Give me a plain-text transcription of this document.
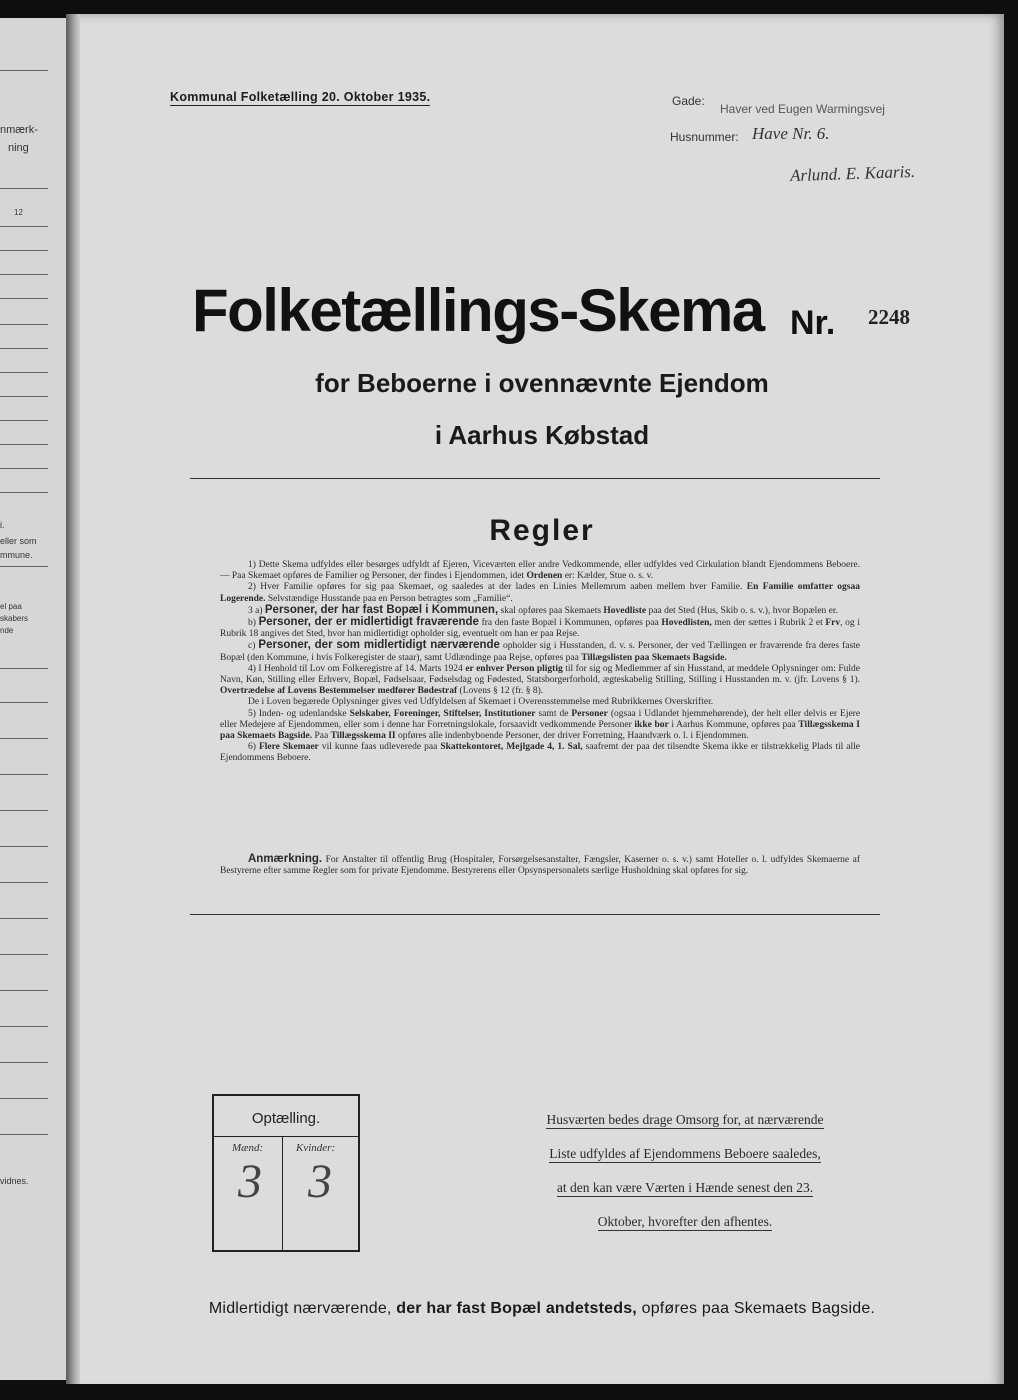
nmærk-
ning
12
i.
eller som
mmune.
el paa
skabers
nde
vidnes.
Kommunal Folketælling 20. Oktober 1935.	Gade:
Haver ved Eugen Warmingsvej
Husnummer: Have Nr. 6.
Arlund. E. Kaaris.
Folketællings-Skema Nr. 2248
for Beboerne i ovennævnte Ejendom
i Aarhus Købstad
Regler

1) Dette Skema udfyldes eller besørges udfyldt af Ejeren, Viceværten eller andre Vedkommende, eller udfyldes ved Cirkulation blandt Ejendommens Beboere. — Paa Skemaet opføres de Familier og Personer, der findes i Ejendommen, idet Ordenen er: Kælder, Stue o. s. v.

2) Hver Familie opføres for sig paa Skemaet, og saaledes at der lades en Linies Mellemrum aaben mellem hver Familie. En Familie omfatter ogsaa Logerende. Selvstændige Husstande paa en Person betragtes som „Familie“.

3 a) Personer, der har fast Bopæl i Kommunen, skal opføres paa Skemaets Hovedliste paa det Sted (Hus, Skib o. s. v.), hvor Bopælen er.

b) Personer, der er midlertidigt fraværende fra den faste Bopæl i Kommunen, opføres paa Hovedlisten, men der sættes i Rubrik 2 et Frv, og i Rubrik 18 angives det Sted, hvor han midlertidigt opholder sig, eventuelt om han er paa Rejse.

c) Personer, der som midlertidigt nærværende opholder sig i Husstanden, d. v. s. Personer, der ved Tællingen er fraværende fra deres faste Bopæl (den Kommune, i hvis Folkeregister de staar), samt Udlændinge paa Rejse, opføres paa Tillægslisten paa Skemaets Bagside.

4) I Henhold til Lov om Folkeregistre af 14. Marts 1924 er enhver Person pligtig til for sig og Medlemmer af sin Husstand, at meddele Oplysninger om: Fulde Navn, Køn, Stilling eller Erhverv, Bopæl, Fødselsaar, Fødselsdag og Fødested, Statsborgerforhold, ægteskabelig Stilling, Stilling i Husstanden m. v. (jfr. Lovens § 1). Overtrædelse af Lovens Bestemmelser medfører Bødestraf (Lovens § 12 (fr. § 8).

De i Loven begærede Oplysninger gives ved Udfyldelsen af Skemaet i Overensstemmelse med Rubrikkernes Overskrifter.

5) Inden- og udenlandske Selskaber, Foreninger, Stiftelser, Institutioner samt de Personer (ogsaa i Udlandet hjemmehørende), der helt eller delvis er Ejere eller Medejere af Ejendommen, eller som i denne har Forretningslokale, forsaavidt vedkommende Personer ikke bor i Aarhus Kommune, opføres paa Tillægsskema I paa Skemaets Bagside. Paa Tillægsskema II opføres alle indenbyboende Personer, der driver Forretning, Haandværk o. l. i Ejendommen.

6) Flere Skemaer vil kunne faas udleverede paa Skattekontoret, Mejlgade 4, 1. Sal, saafremt der paa det tilsendte Skema ikke er tilstrækkelig Plads til alle Ejendommens Beboere.

Anmærkning. For Anstalter til offentlig Brug (Hospitaler, Forsørgelsesanstalter, Fængsler, Kaserner o. s. v.) samt Hoteller o. l. udfyldes Skemaerne af Bestyrerne efter samme Regler som for private Ejendomme. Bestyrerens eller Opsynspersonalets særlige Husholdning skal opføres for sig.

Optælling.
Mænd:	Kvinder:
3 3
Husværten bedes drage Omsorg for, at nærværende
Liste udfyldes af Ejendommens Beboere saaledes,
at den kan være Værten i Hænde senest den 23.
Oktober, hvorefter den afhentes.
Midlertidigt nærværende, der har fast Bopæl andetsteds, opføres paa Skemaets Bagside.
